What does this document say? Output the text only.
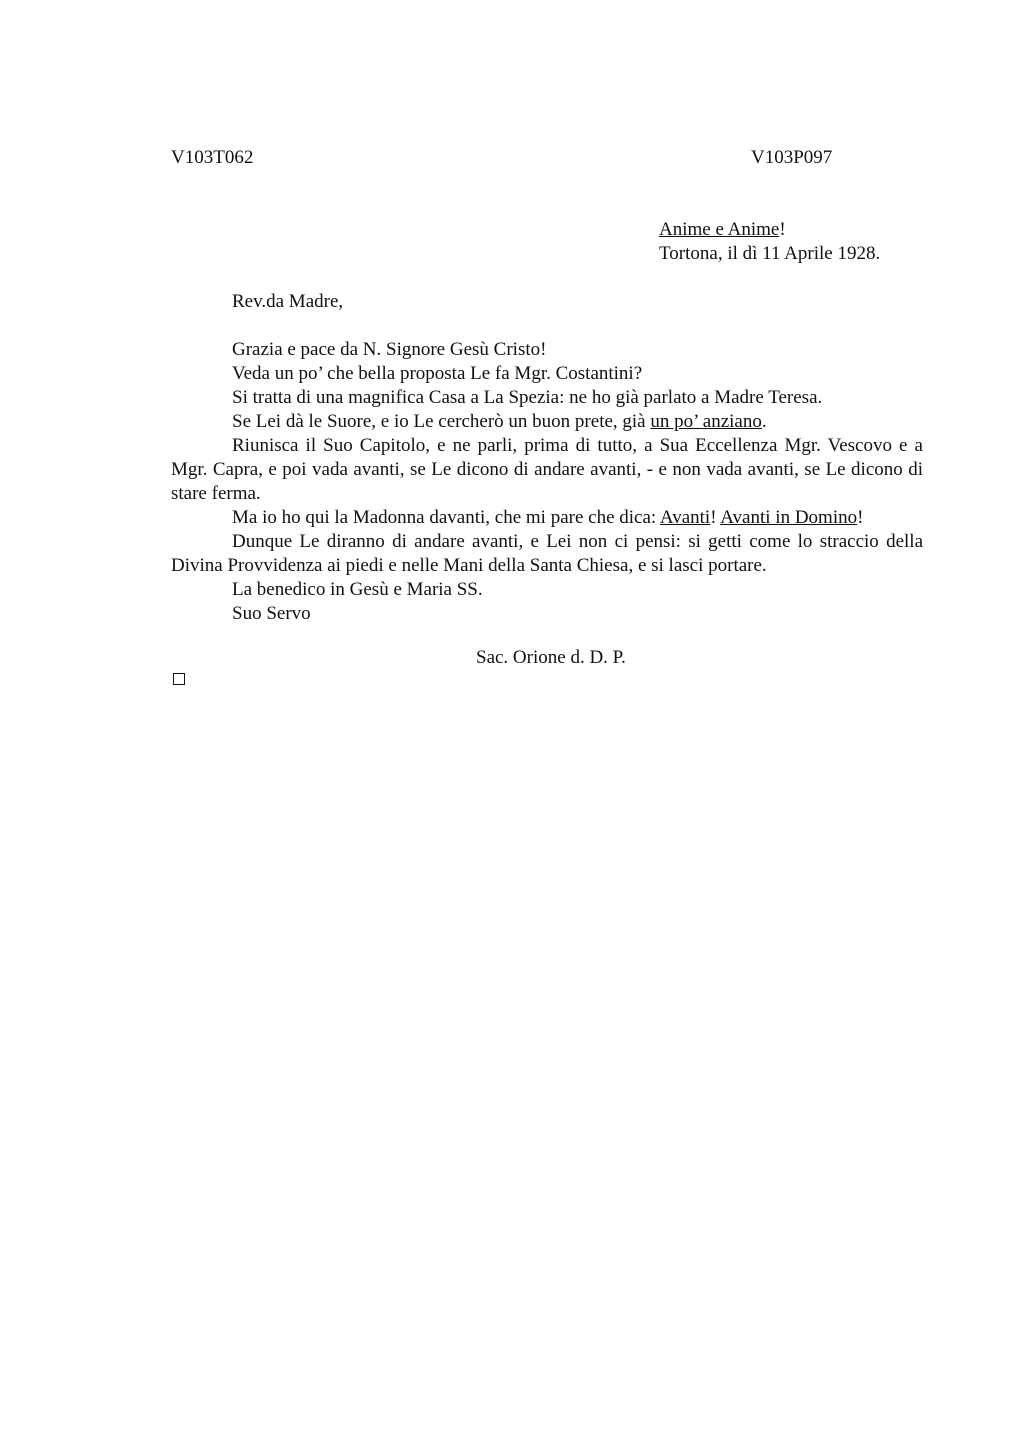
V103T062	V103P097
Anime e Anime!
Tortona, il dì 11 Aprile 1928.
Rev.da Madre,
Grazia e pace da N. Signore Gesù Cristo!
Veda un po’ che bella proposta Le fa Mgr. Costantini?
Si tratta di una magnifica Casa a La Spezia: ne ho già parlato a Madre Teresa.
Se Lei dà le Suore, e io Le cercherò un buon prete, già un po’ anziano.
Riunisca il Suo Capitolo, e ne parli, prima di tutto, a Sua Eccellenza Mgr. Vescovo e a Mgr. Capra, e poi vada avanti, se Le dicono di andare avanti, - e non vada avanti, se Le dicono di stare ferma.
Ma io ho qui la Madonna davanti, che mi pare che dica: Avanti! Avanti in Domino!
Dunque Le diranno di andare avanti, e Lei non ci pensi: si getti come lo straccio della Divina Provvidenza ai piedi e nelle Mani della Santa Chiesa, e si lasci portare.
La benedico in Gesù e Maria SS.
Suo Servo
Sac. Orione d. D. P.
